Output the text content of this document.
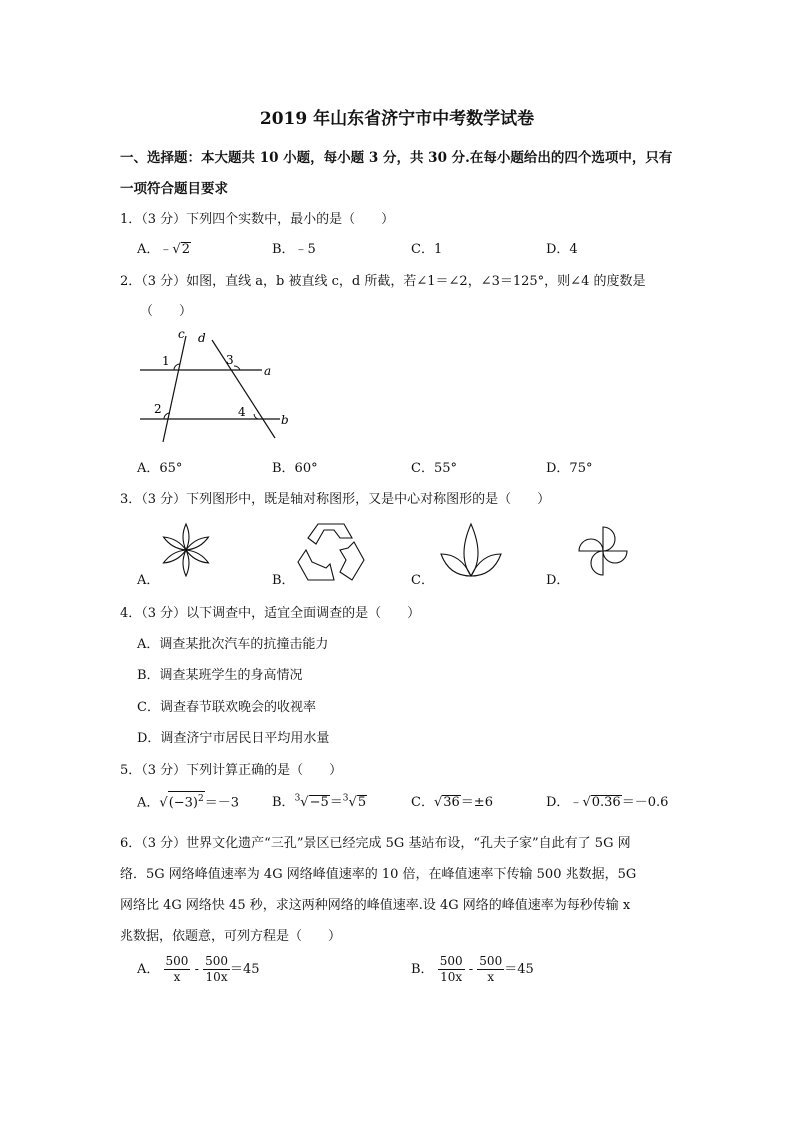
2019 年山东省济宁市中考数学试卷
一、选择题：本大题共 10 小题，每小题 3 分，共 30 分.在每小题给出的四个选项中，只有
一项符合题目要求
1．（3 分）下列四个实数中，最小的是（　　）
A．﹣√2	B．﹣5	C．1	D．4
2．（3 分）如图，直线 a，b 被直线 c，d 所截，若∠1＝∠2，∠3＝125°，则∠4 的度数是
（　　）
c d
a
b
1
2
3
4
A．65°	B．60°	C．55°	D．75°
3．（3 分）下列图形中，既是轴对称图形，又是中心对称图形的是（　　）
A．	B．	C．	D．
4．（3 分）以下调查中，适宜全面调查的是（　　）
A．调查某批次汽车的抗撞击能力
B．调查某班学生的身高情况
C．调查春节联欢晚会的收视率
D．调查济宁市居民日平均用水量
5．（3 分）下列计算正确的是（　　）
A．$√(-3)^2=-3$	B．$^3$√−5＝$^3$√5	C．√36＝±6	D．﹣√0.36＝－0.6
6．（3 分）世界文化遗产“三孔”景区已经完成 5G 基站布设，“孔夫子家”自此有了 5G 网
络．5G 网络峰值速率为 4G 网络峰值速率的 10 倍，在峰值速率下传输 500 兆数据，5G
网络比 4G 网络快 45 秒，求这两种网络的峰值速率.设 4G 网络的峰值速率为每秒传输 x
兆数据，依题意，可列方程是（　　）
A． $\frac{500}{x} - \frac{500}{10x} =45$	B． $\frac{500}{10x} - \frac{500}{x} =45$
